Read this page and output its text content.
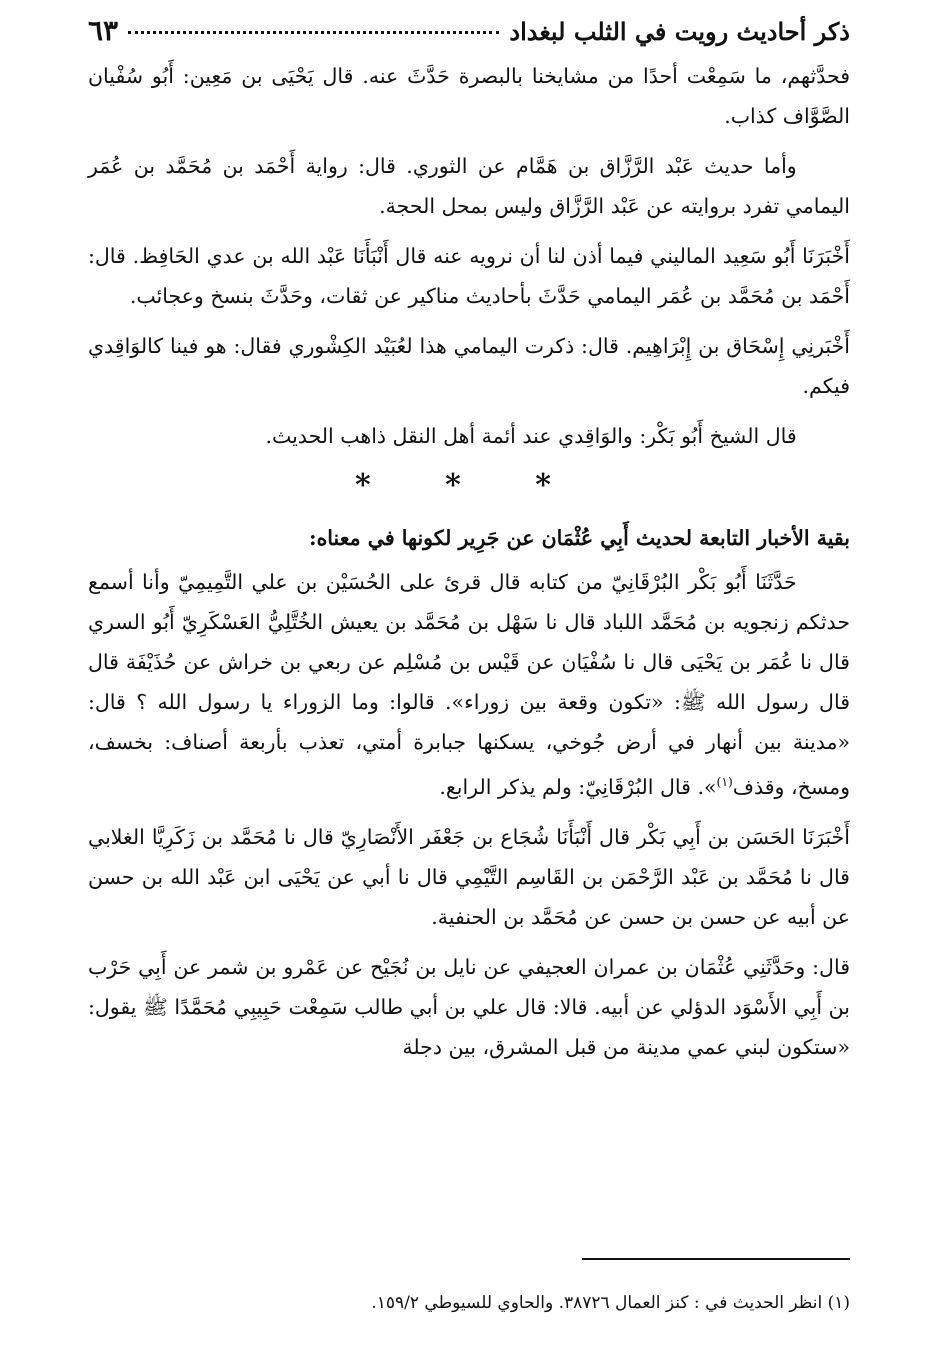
ذكر أحاديث رويت في الثلب لبغداد
٦٣

فحدَّثهم، ما سَمِعْت أحدًا من مشايخنا بالبصرة حَدَّثَ عنه. قال يَحْيَى بن مَعِين: أَبُو سُفْيان الصَّوَّاف كذاب.

وأما حديث عَبْد الرَّزَّاق بن هَمَّام عن الثوري. قال: رواية أَحْمَد بن مُحَمَّد بن عُمَر اليمامي تفرد بروايته عن عَبْد الرَّزَّاق وليس بمحل الحجة.

أَخْبَرَنَا أَبُو سَعِيد الماليني فيما أذن لنا أن نرويه عنه قال أَنْبَأَنَا عَبْد الله بن عدي الحَافِظ. قال: أَحْمَد بن مُحَمَّد بن عُمَر اليمامي حَدَّثَ بأحاديث مناكير عن ثقات، وحَدَّثَ بنسخ وعجائب.

أَخْبَرنِي إِسْحَاق بن إِبْرَاهِيم. قال: ذكرت اليمامي هذا لعُبَيْد الكِشْوري فقال: هو فينا كالوَاقِدي فيكم.

قال الشيخ أَبُو بَكْر: والوَاقِدي عند أئمة أهل النقل ذاهب الحديث.

* * *
بقية الأخبار التابعة لحديث أَبِي عُثْمَان عن جَرِير لكونها في معناه:

حَدَّثَنَا أَبُو بَكْر البُرْقَانِيّ من كتابه قال قرئ على الحُسَيْن بن علي التَّمِيمِيّ وأنا أسمع حدثكم زنجويه بن مُحَمَّد اللباد قال نا سَهْل بن مُحَمَّد بن يعيش الخُتَّلِيُّ العَسْكَرِيّ أَبُو السري قال نا عُمَر بن يَحْيَى قال نا سُفْيَان عن قَيْس بن مُسْلِم عن ربعي بن خراش عن حُذَيْفَة قال قال رسول الله ﷺ: «تكون وقعة بين زوراء». قالوا: وما الزوراء يا رسول الله ؟ قال: «مدينة بين أنهار في أرض جُوخي، يسكنها جبابرة أمتي، تعذب بأربعة أصناف: بخسف، ومسخ، وقذف$^{(١)}$». قال البُرْقَانِيّ: ولم يذكر الرابع.

أَخْبَرَنَا الحَسَن بن أَبِي بَكْر قال أَنْبَأَنَا شُجَاع بن جَعْفَر الأَنْصَارِيّ قال نا مُحَمَّد بن زَكَرِيَّا الغلابي قال نا مُحَمَّد بن عَبْد الرَّحْمَن بن القَاسِم التَّيْمِي قال نا أبي عن يَحْيَى ابن عَبْد الله بن حسن عن أبيه عن حسن بن حسن عن مُحَمَّد بن الحنفية.

قال: وحَدَّثَنِي عُثْمَان بن عمران العجيفي عن نايل بن نُجَيْح عن عَمْرو بن شمر عن أَبِي حَرْب بن أَبِي الأَسْوَد الدؤلي عن أبيه. قالا: قال علي بن أبي طالب سَمِعْت حَبِيبِي مُحَمَّدًا ﷺ يقول: «ستكون لبني عمي مدينة من قبل المشرق، بين دجلة

(١) انظر الحديث في : كنز العمال ٣٨٧٢٦. والحاوي للسيوطي ١٥٩/٢.
